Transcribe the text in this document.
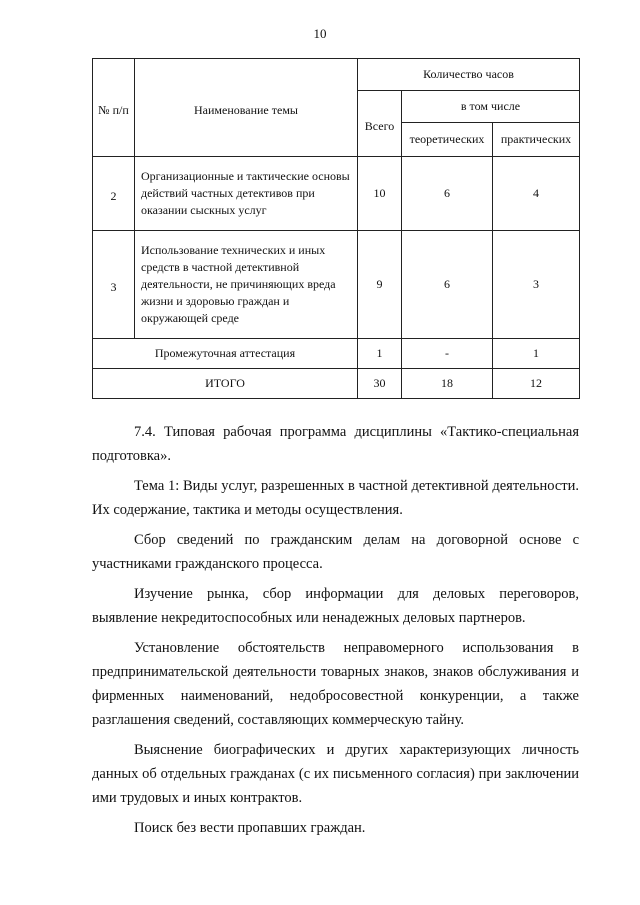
10
№ п/п	Наименование темы	Количество часов		
		Всего	в том числе	
			теоретических	практических
2	Организационные и тактические основы действий частных детективов при оказании сыскных услуг	10	6	4
3	Использование технических и иных средств в частной детективной деятельности, не причиняющих вреда жизни и здоровью граждан и окружающей среде	9	6	3
Промежуточная аттестация		1	-	1
ИТОГО		30	18	12

7.4. Типовая рабочая программа дисциплины «Тактико-специальная подготовка».

Тема 1: Виды услуг, разрешенных в частной детективной деятельности. Их содержание, тактика и методы осуществления.

Сбор сведений по гражданским делам на договорной основе с участниками гражданского процесса.

Изучение рынка, сбор информации для деловых переговоров, выявление некредитоспособных или ненадежных деловых партнеров.

Установление обстоятельств неправомерного использования в предпринимательской деятельности товарных знаков, знаков обслуживания и фирменных наименований, недобросовестной конкуренции, а также разглашения сведений, составляющих коммерческую тайну.

Выяснение биографических и других характеризующих личность данных об отдельных гражданах (с их письменного согласия) при заключении ими трудовых и иных контрактов.

Поиск без вести пропавших граждан.
